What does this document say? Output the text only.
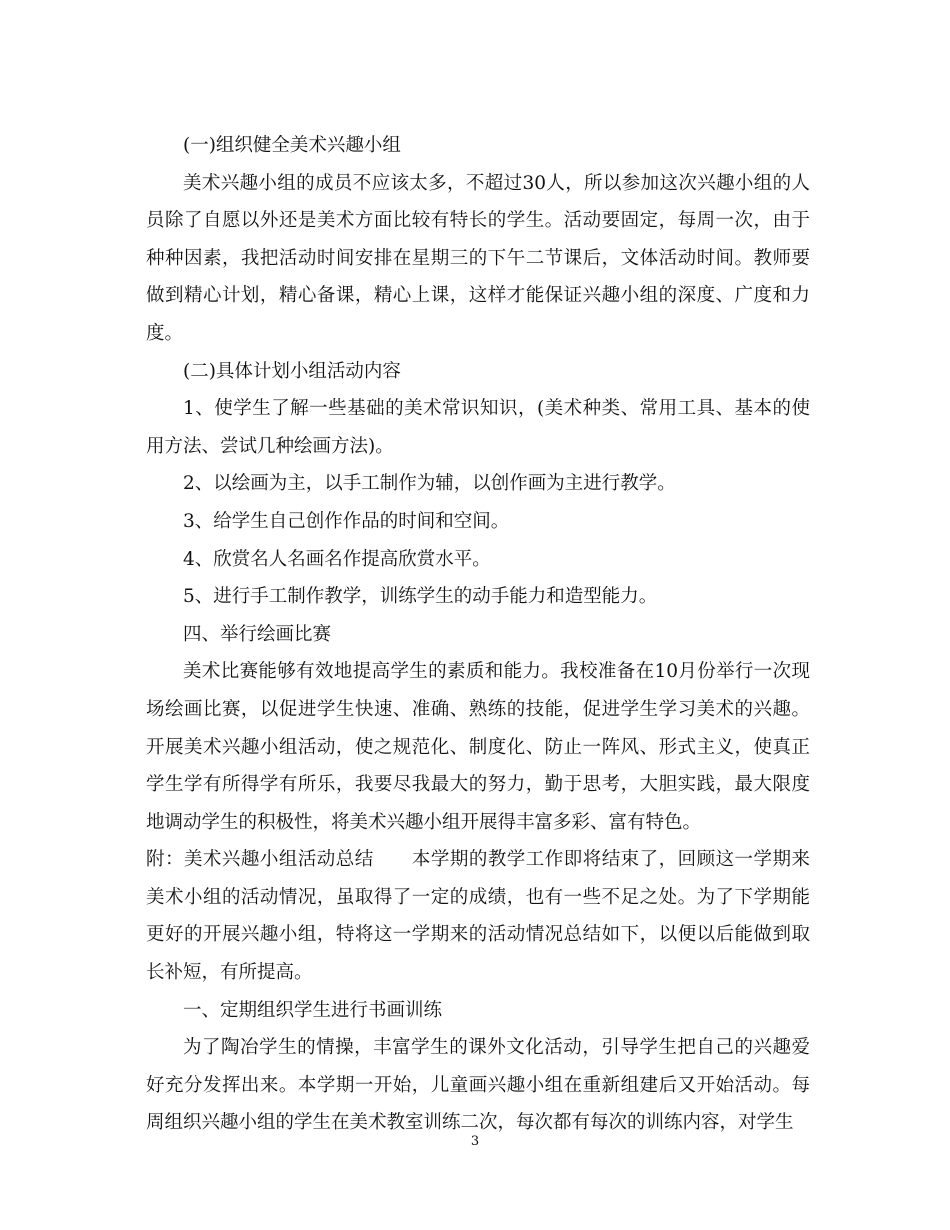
(一)组织健全美术兴趣小组

美术兴趣小组的成员不应该太多，不超过30人，所以参加这次兴趣小组的人员除了自愿以外还是美术方面比较有特长的学生。活动要固定，每周一次，由于种种因素，我把活动时间安排在星期三的下午二节课后，文体活动时间。教师要做到精心计划，精心备课，精心上课，这样才能保证兴趣小组的深度、广度和力度。

(二)具体计划小组活动内容

1、使学生了解一些基础的美术常识知识，(美术种类、常用工具、基本的使用方法、尝试几种绘画方法)。

2、以绘画为主，以手工制作为辅，以创作画为主进行教学。

3、给学生自己创作作品的时间和空间。

4、欣赏名人名画名作提高欣赏水平。

5、进行手工制作教学，训练学生的动手能力和造型能力。

四、举行绘画比赛

美术比赛能够有效地提高学生的素质和能力。我校准备在10月份举行一次现场绘画比赛，以促进学生快速、准确、熟练的技能，促进学生学习美术的兴趣。开展美术兴趣小组活动，使之规范化、制度化、防止一阵风、形式主义，使真正学生学有所得学有所乐，我要尽我最大的努力，勤于思考，大胆实践，最大限度地调动学生的积极性，将美术兴趣小组开展得丰富多彩、富有特色。

附：美术兴趣小组活动总结      本学期的教学工作即将结束了，回顾这一学期来美术小组的活动情况，虽取得了一定的成绩，也有一些不足之处。为了下学期能更好的开展兴趣小组，特将这一学期来的活动情况总结如下，以便以后能做到取长补短，有所提高。

一、定期组织学生进行书画训练

为了陶冶学生的情操，丰富学生的课外文化活动，引导学生把自己的兴趣爱好充分发挥出来。本学期一开始，儿童画兴趣小组在重新组建后又开始活动。每周组织兴趣小组的学生在美术教室训练二次，每次都有每次的训练内容，对学生

3
